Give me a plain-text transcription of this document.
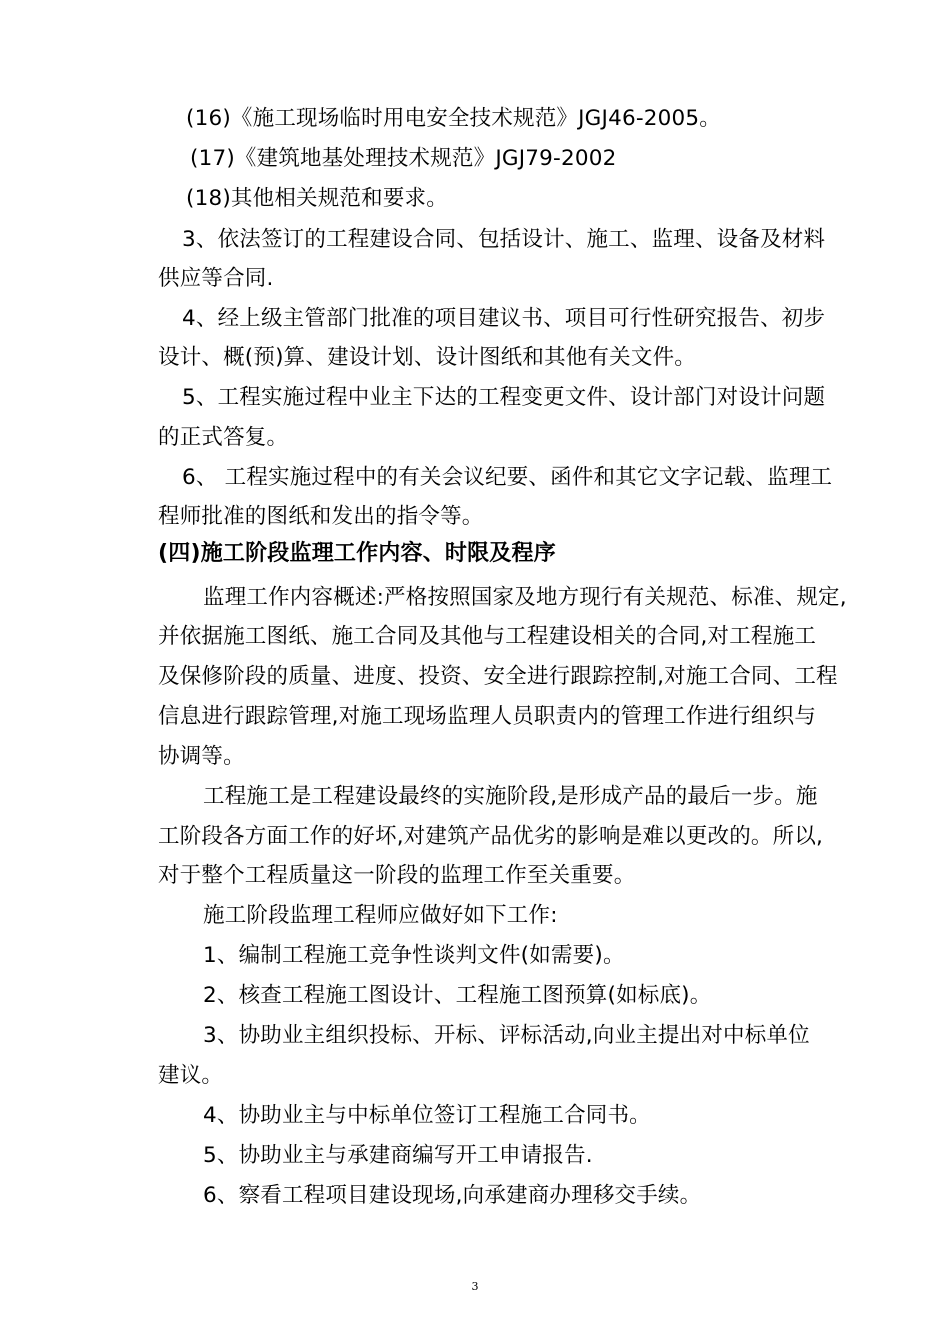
(16)《施工现场临时用电安全技术规范》JGJ46-2005。
(17)《建筑地基处理技术规范》JGJ79-2002
(18)其他相关规范和要求。
3、依法签订的工程建设合同、包括设计、施工、监理、设备及材料
供应等合同.
4、经上级主管部门批准的项目建议书、项目可行性研究报告、初步
设计、概(预)算、建设计划、设计图纸和其他有关文件。
5、工程实施过程中业主下达的工程变更文件、设计部门对设计问题
的正式答复。
6、 工程实施过程中的有关会议纪要、函件和其它文字记载、监理工
程师批准的图纸和发出的指令等。
(四)施工阶段监理工作内容、时限及程序
监理工作内容概述:严格按照国家及地方现行有关规范、标准、规定,
并依据施工图纸、施工合同及其他与工程建设相关的合同,对工程施工
及保修阶段的质量、进度、投资、安全进行跟踪控制,对施工合同、工程
信息进行跟踪管理,对施工现场监理人员职责内的管理工作进行组织与
协调等。
工程施工是工程建设最终的实施阶段,是形成产品的最后一步。施
工阶段各方面工作的好坏,对建筑产品优劣的影响是难以更改的。所以,
对于整个工程质量这一阶段的监理工作至关重要。
施工阶段监理工程师应做好如下工作:
1、编制工程施工竞争性谈判文件(如需要)。
2、核查工程施工图设计、工程施工图预算(如标底)。
3、协助业主组织投标、开标、评标活动,向业主提出对中标单位
建议。
4、协助业主与中标单位签订工程施工合同书。
5、协助业主与承建商编写开工申请报告.
6、察看工程项目建设现场,向承建商办理移交手续。
3
